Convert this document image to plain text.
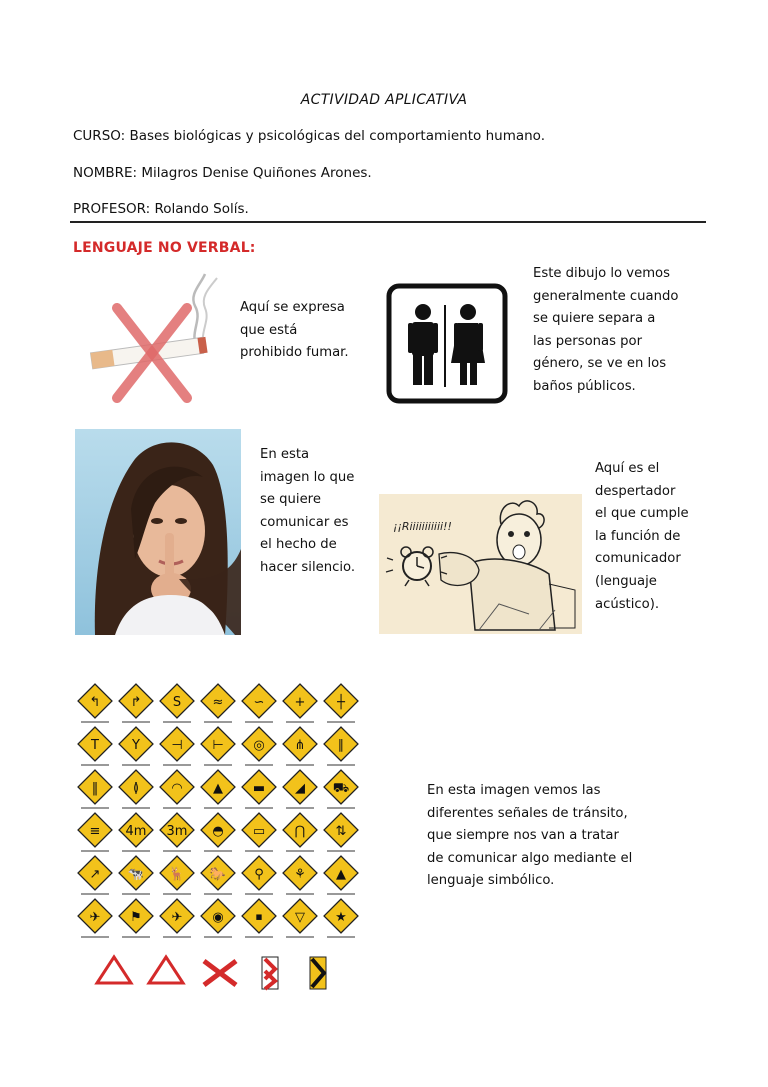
ACTIVIDAD APLICATIVA
CURSO: Bases biológicas y psicológicas del comportamiento humano.
NOMBRE: Milagros Denise Quiñones Arones.
PROFESOR: Rolando Solís.
LENGUAJE NO VERBAL:
Aquí se expresa
que está
prohibido fumar.
Este dibujo lo vemos
generalmente cuando
se quiere separa a
las personas por
género, se ve en los
baños públicos.
En esta
imagen lo que
se quiere
comunicar es
el hecho de
hacer silencio.
¡¡Riiiiiiiiiii!!
Aquí es el
despertador
el que cumple
la función de
comunicador
(lenguaje
acústico).
↰ ↱ S ≈ ∽ + ┼
T	Y ⊣ ⊢ ◎ ⋔ ∥
‖	≬ ◠ ▲ ▬ ◢ ⛟
≡ 4m 3m ◓ ▭ ⋂ ⇅
↗ 🐄 🦌 🐎 ⚲ ⚘ ▲
✈ ⚑ ✈ ◉ ⏹	▽ ★
En esta imagen vemos las
diferentes señales de tránsito,
que siempre nos van a tratar
de comunicar algo mediante el
lenguaje simbólico.
